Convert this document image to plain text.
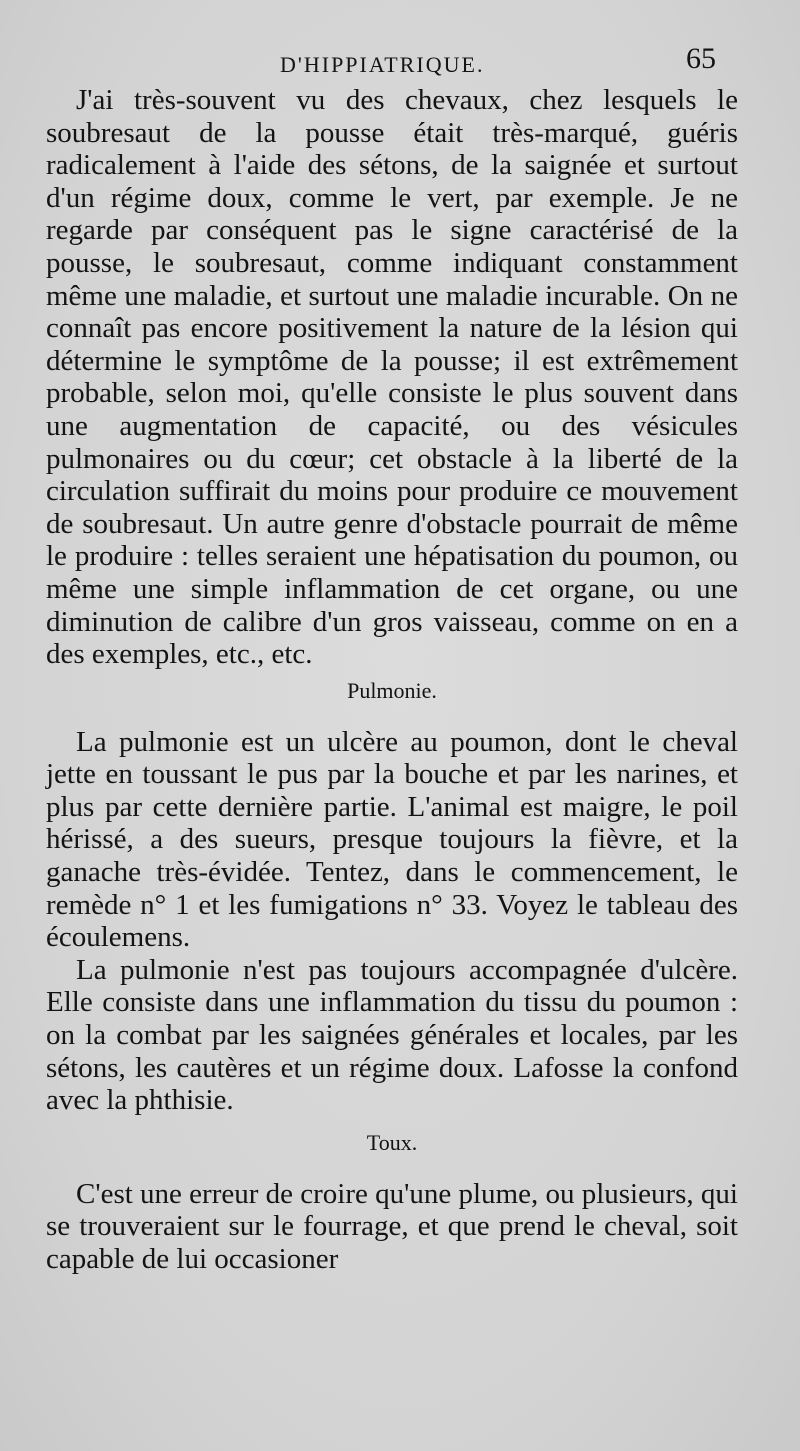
D'HIPPIATRIQUE.	65

J'ai très-souvent vu des chevaux, chez lesquels le soubresaut de la pousse était très-marqué, guéris radicalement à l'aide des sétons, de la saignée et surtout d'un régime doux, comme le vert, par exemple. Je ne regarde par conséquent pas le signe caractérisé de la pousse, le soubresaut, comme indiquant constamment même une maladie, et surtout une maladie incurable. On ne connaît pas encore positivement la nature de la lésion qui détermine le symptôme de la pousse; il est extrêmement probable, selon moi, qu'elle consiste le plus souvent dans une augmentation de capacité, ou des vésicules pulmonaires ou du cœur; cet obstacle à la liberté de la circulation suffirait du moins pour produire ce mouvement de soubresaut. Un autre genre d'obstacle pourrait de même le produire : telles seraient une hépatisation du poumon, ou même une simple inflammation de cet organe, ou une diminution de calibre d'un gros vaisseau, comme on en a des exemples, etc., etc.

Pulmonie.

La pulmonie est un ulcère au poumon, dont le cheval jette en toussant le pus par la bouche et par les narines, et plus par cette dernière partie. L'animal est maigre, le poil hérissé, a des sueurs, presque toujours la fièvre, et la ganache très-évidée. Tentez, dans le commencement, le remède n° 1 et les fumigations n° 33. Voyez le tableau des écoulemens.

La pulmonie n'est pas toujours accompagnée d'ulcère. Elle consiste dans une inflammation du tissu du poumon : on la combat par les saignées générales et locales, par les sétons, les cautères et un régime doux. Lafosse la confond avec la phthisie.

Toux.

C'est une erreur de croire qu'une plume, ou plusieurs, qui se trouveraient sur le fourrage, et que prend le cheval, soit capable de lui occasioner
